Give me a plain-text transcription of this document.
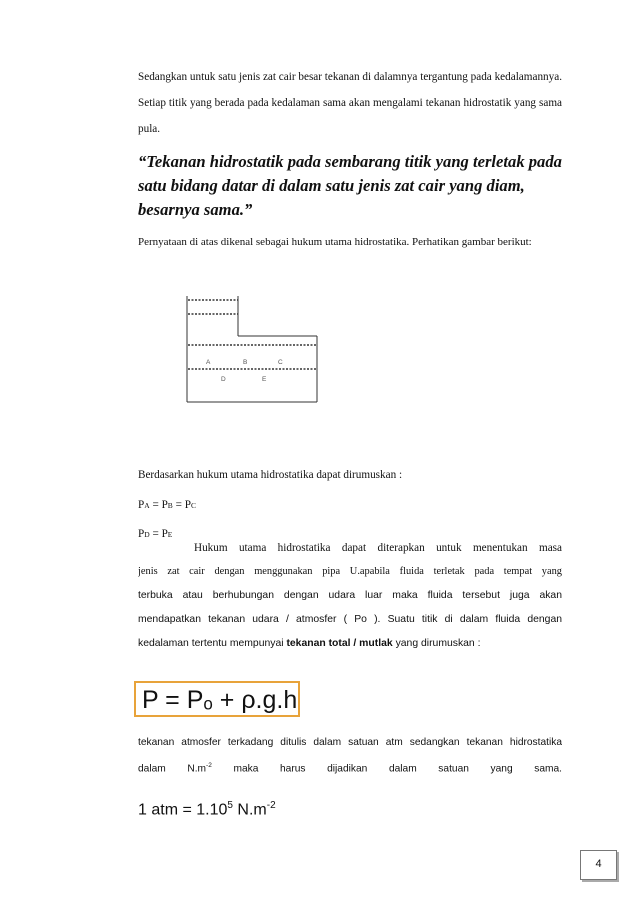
Sedangkan untuk satu jenis zat cair besar tekanan di dalamnya tergantung pada kedalamannya. Setiap titik yang berada pada kedalaman sama akan mengalami tekanan hidrostatik yang sama pula.

“Tekanan hidrostatik pada sembarang titik yang terletak pada satu bidang datar di dalam satu jenis zat cair yang diam, besarnya sama.”

Pernyataan di atas dikenal sebagai hukum utama hidrostatika. Perhatikan gambar berikut:

A	B	C
D	E
Berdasarkan hukum utama hidrostatika dapat dirumuskan :
PA = PB = PC
PD = PE
Hukum utama hidrostatika dapat diterapkan untuk menentukan masa
jenis zat cair dengan menggunakan pipa U.apabila fluida terletak pada tempat yang
terbuka atau berhubungan dengan udara luar maka fluida tersebut juga akan
mendapatkan tekanan udara / atmosfer ( Po ). Suatu titik di dalam fluida dengan
kedalaman tertentu mempunyai tekanan total / mutlak yang dirumuskan :
P = Pₒ + ρ.g.h
tekanan atmosfer terkadang ditulis dalam satuan atm sedangkan tekanan hidrostatika
dalam $N.m^{-2}$ maka harus dijadikan dalam satuan yang sama.
1 atm = $1.10^5$ $N.m^{-2}$
4
